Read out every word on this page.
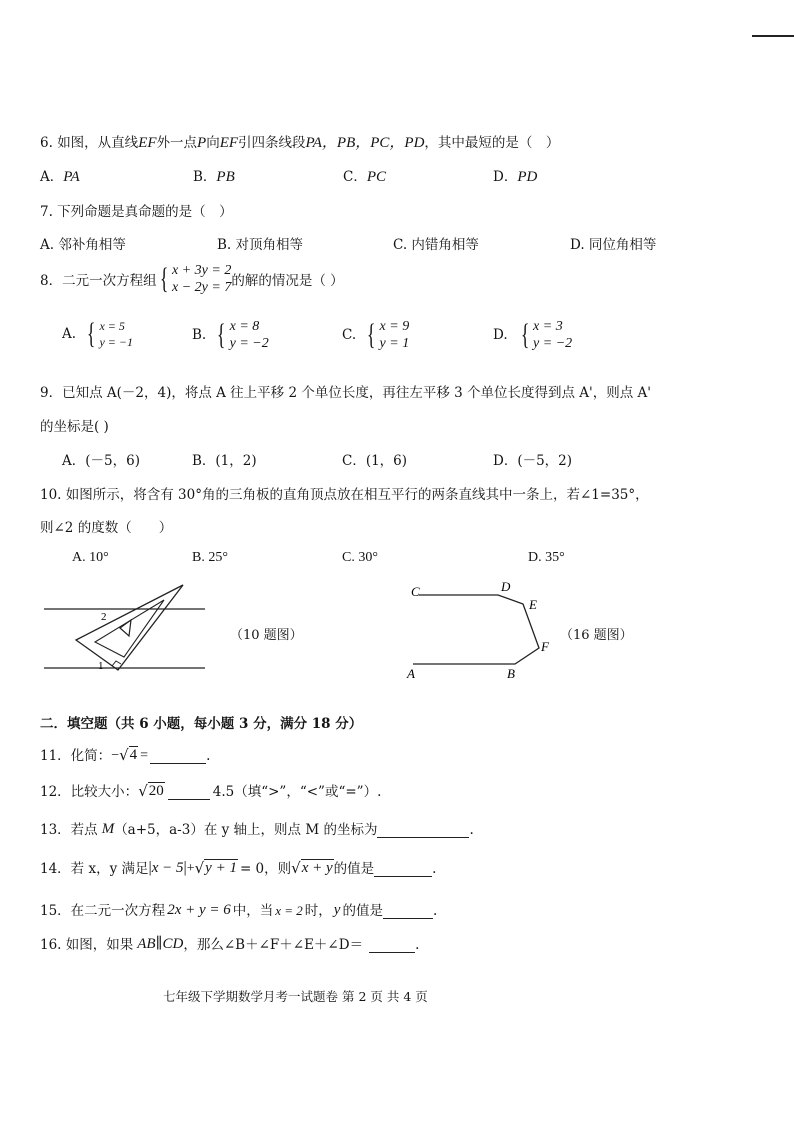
6. 如图，从直线EF外一点P向EF引四条线段PA，PB，PC，PD，其中最短的是（　）
A．PA	B．PB	C．PC	D．PD
7. 下列命题是真命题的是（　）
A. 邻补角相等	B. 对顶角相等	C. 内错角相等	D. 同位角相等
8．二元一次方程组 { x + 3y = 2
x − 2y = 7 的解的情况是（ ）
A. { x = 5
y = −1	B. { x = 8
y = −2
C. { x = 9
y = 1
D. { x = 3
y = −2
9．已知点 A(－2，4)，将点 A 往上平移 2 个单位长度，再往左平移 3 个单位长度得到点 A'，则点 A'
的坐标是( )
A．(－5，6)	B．(1，2)	C．(1，6)	D．(－5，2)
10. 如图所示，将含有 30°角的三角板的直角顶点放在相互平行的两条直线其中一条上，若∠1=35°，
则∠2 的度数（　　）
A. 10°	B. 25°	C. 30°	D. 35°
1
2
（10 题图）
C	D
E
F
B
A
（16 题图）
二．填空题（共 6 小题，每小题 3 分，满分 18 分）
11．化简： − √ 4 =	.
12．比较大小： √ 20	4.5（填“>”，“<”或“=”）.
13．若点 M （a+5，a-3） 在 y 轴上，则点 M 的坐标为	.
14．若 x，y 满足 | x − 5 | + √ y + 1 = 0，则 √ x + y 的值是	.
15．在二元一次方程 2x + y = 6 中，当 x = 2 时， y 的值是	.
16. 如图，如果 AB∥CD ，那么∠B＋∠F＋∠E＋∠D＝	.
七年级下学期数学月考一试题卷 第 2 页 共 4 页
